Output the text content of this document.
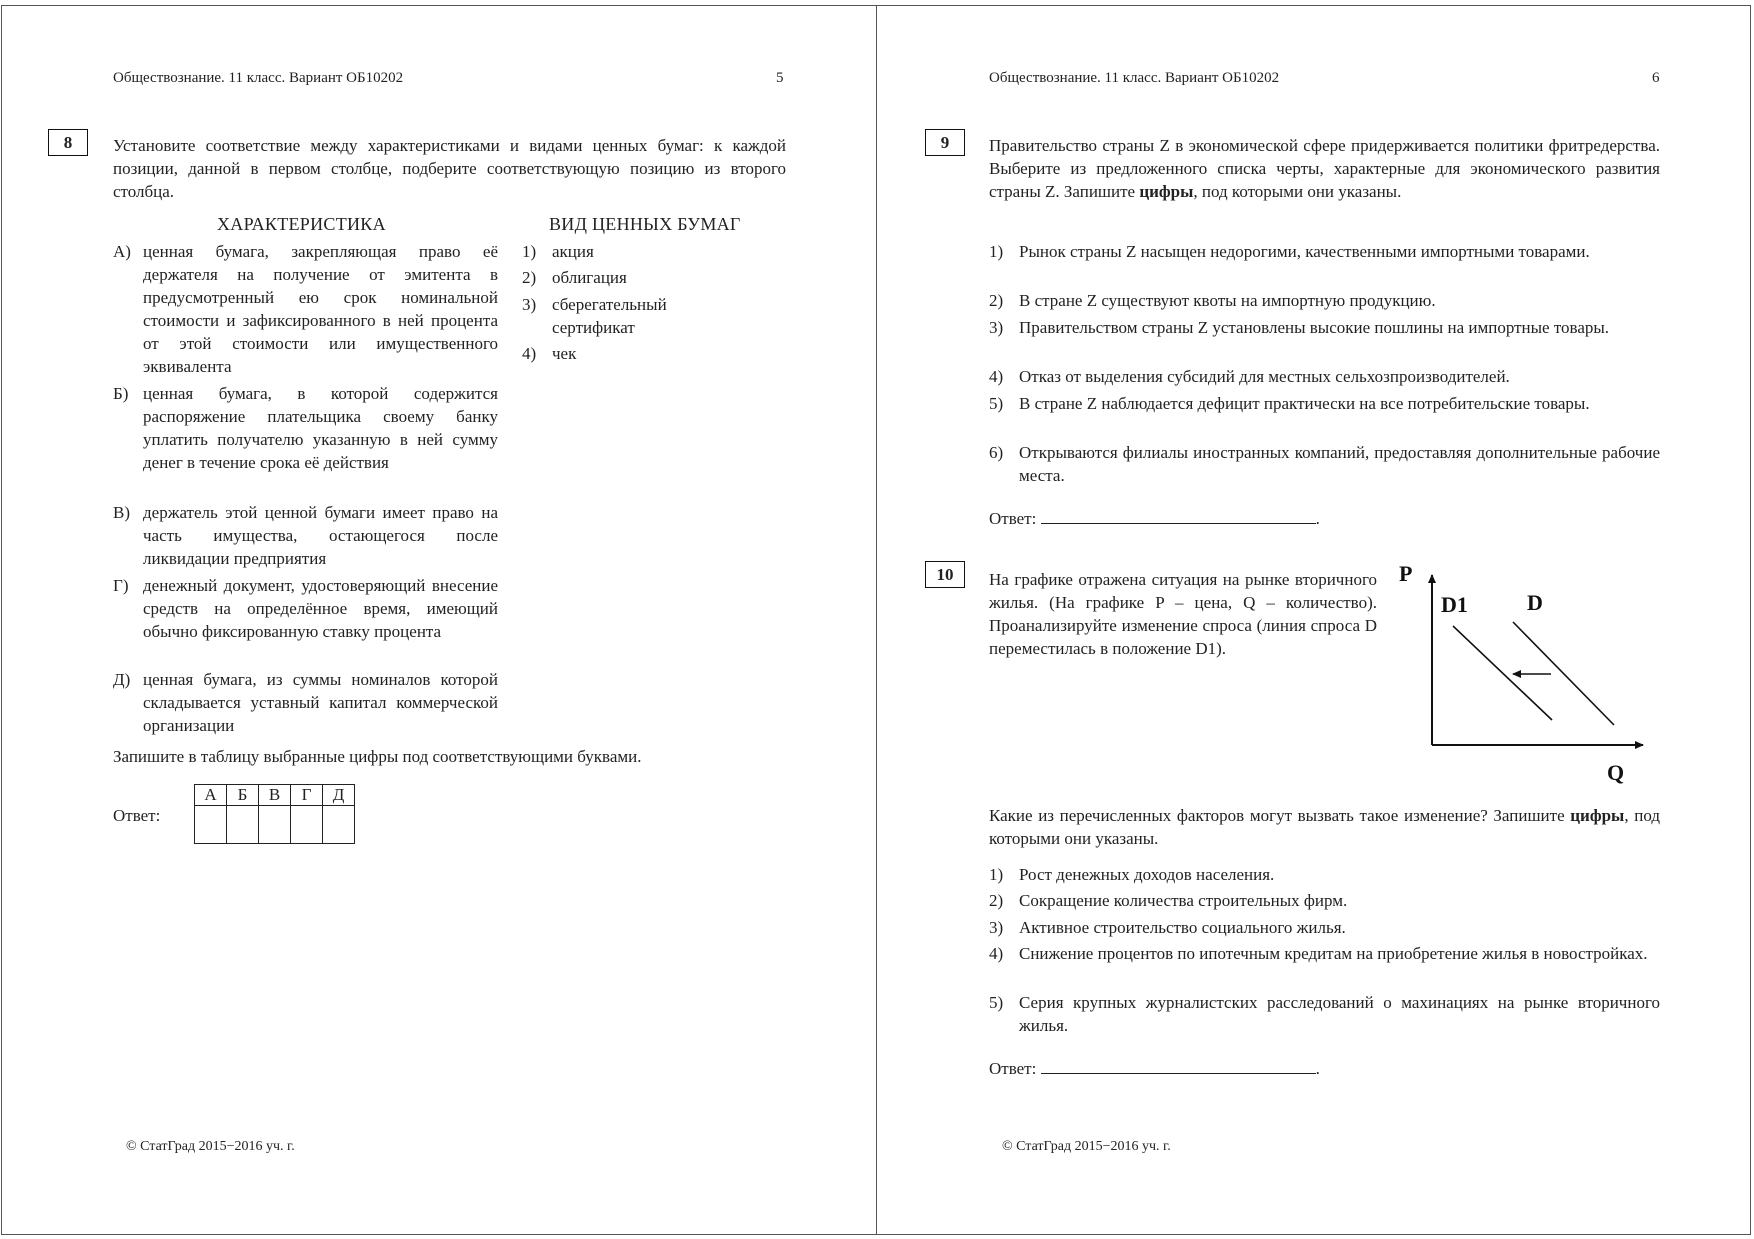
Обществознание. 11 класс. Вариант ОБ10202	5
8	Установите соответствие между характеристиками и видами ценных бумаг: к каждой позиции, данной в первом столбце, подберите соответствующую позицию из второго столбца.
ХАРАКТЕРИСТИКА	ВИД ЦЕННЫХ БУМАГ
А) ценная бумага, закрепляющая право её держателя на получение от эмитента в предусмотренный ею срок номинальной стоимости и зафиксированного в ней процента от этой стоимости или имущественного эквивалента
Б) ценная бумага, в которой содержится распоряжение плательщика своему банку уплатить получателю указанную в ней сумму денег в течение срока её действия
В) держатель этой ценной бумаги имеет право на часть имущества, остающегося после ликвидации предприятия
Г) денежный документ, удостоверяющий внесение средств на определённое время, имеющий обычно фиксированную ставку процента
Д) ценная бумага, из суммы номиналов которой складывается уставный капитал коммерческой организации
1) акция
2) облигация
3) сберегательный сертификат
4) чек
Запишите в таблицу выбранные цифры под соответствующими буквами.
Ответ:
А	Б	В	Г	Д

© СтатГрад 2015−2016 уч. г.
Обществознание. 11 класс. Вариант ОБ10202	6
9	Правительство страны Z в экономической сфере придерживается политики фритредерства. Выберите из предложенного списка черты, характерные для экономического развития страны Z. Запишите цифры, под которыми они указаны.
1) Рынок страны Z насыщен недорогими, качественными импортными товарами.
2) В стране Z существуют квоты на импортную продукцию.
3) Правительством страны Z установлены высокие пошлины на импортные товары.
4) Отказ от выделения субсидий для местных сельхозпроизводителей.
5) В стране Z наблюдается дефицит практически на все потребительские товары.
6) Открываются филиалы иностранных компаний, предоставляя дополнительные рабочие места.
Ответ:	.
10	На графике отражена ситуация на рынке вторичного жилья. (На графике P – цена, Q – количество). Проанализируйте изменение спроса (линия спроса D переместилась в положение D1).
P
Q
D1	D
Какие из перечисленных факторов могут вызвать такое изменение? Запишите цифры, под которыми они указаны.
1) Рост денежных доходов населения.
2) Сокращение количества строительных фирм.
3) Активное строительство социального жилья.
4) Снижение процентов по ипотечным кредитам на приобретение жилья в новостройках.
5) Серия крупных журналистских расследований о махинациях на рынке вторичного жилья.
Ответ:	.
© СтатГрад 2015−2016 уч. г.
